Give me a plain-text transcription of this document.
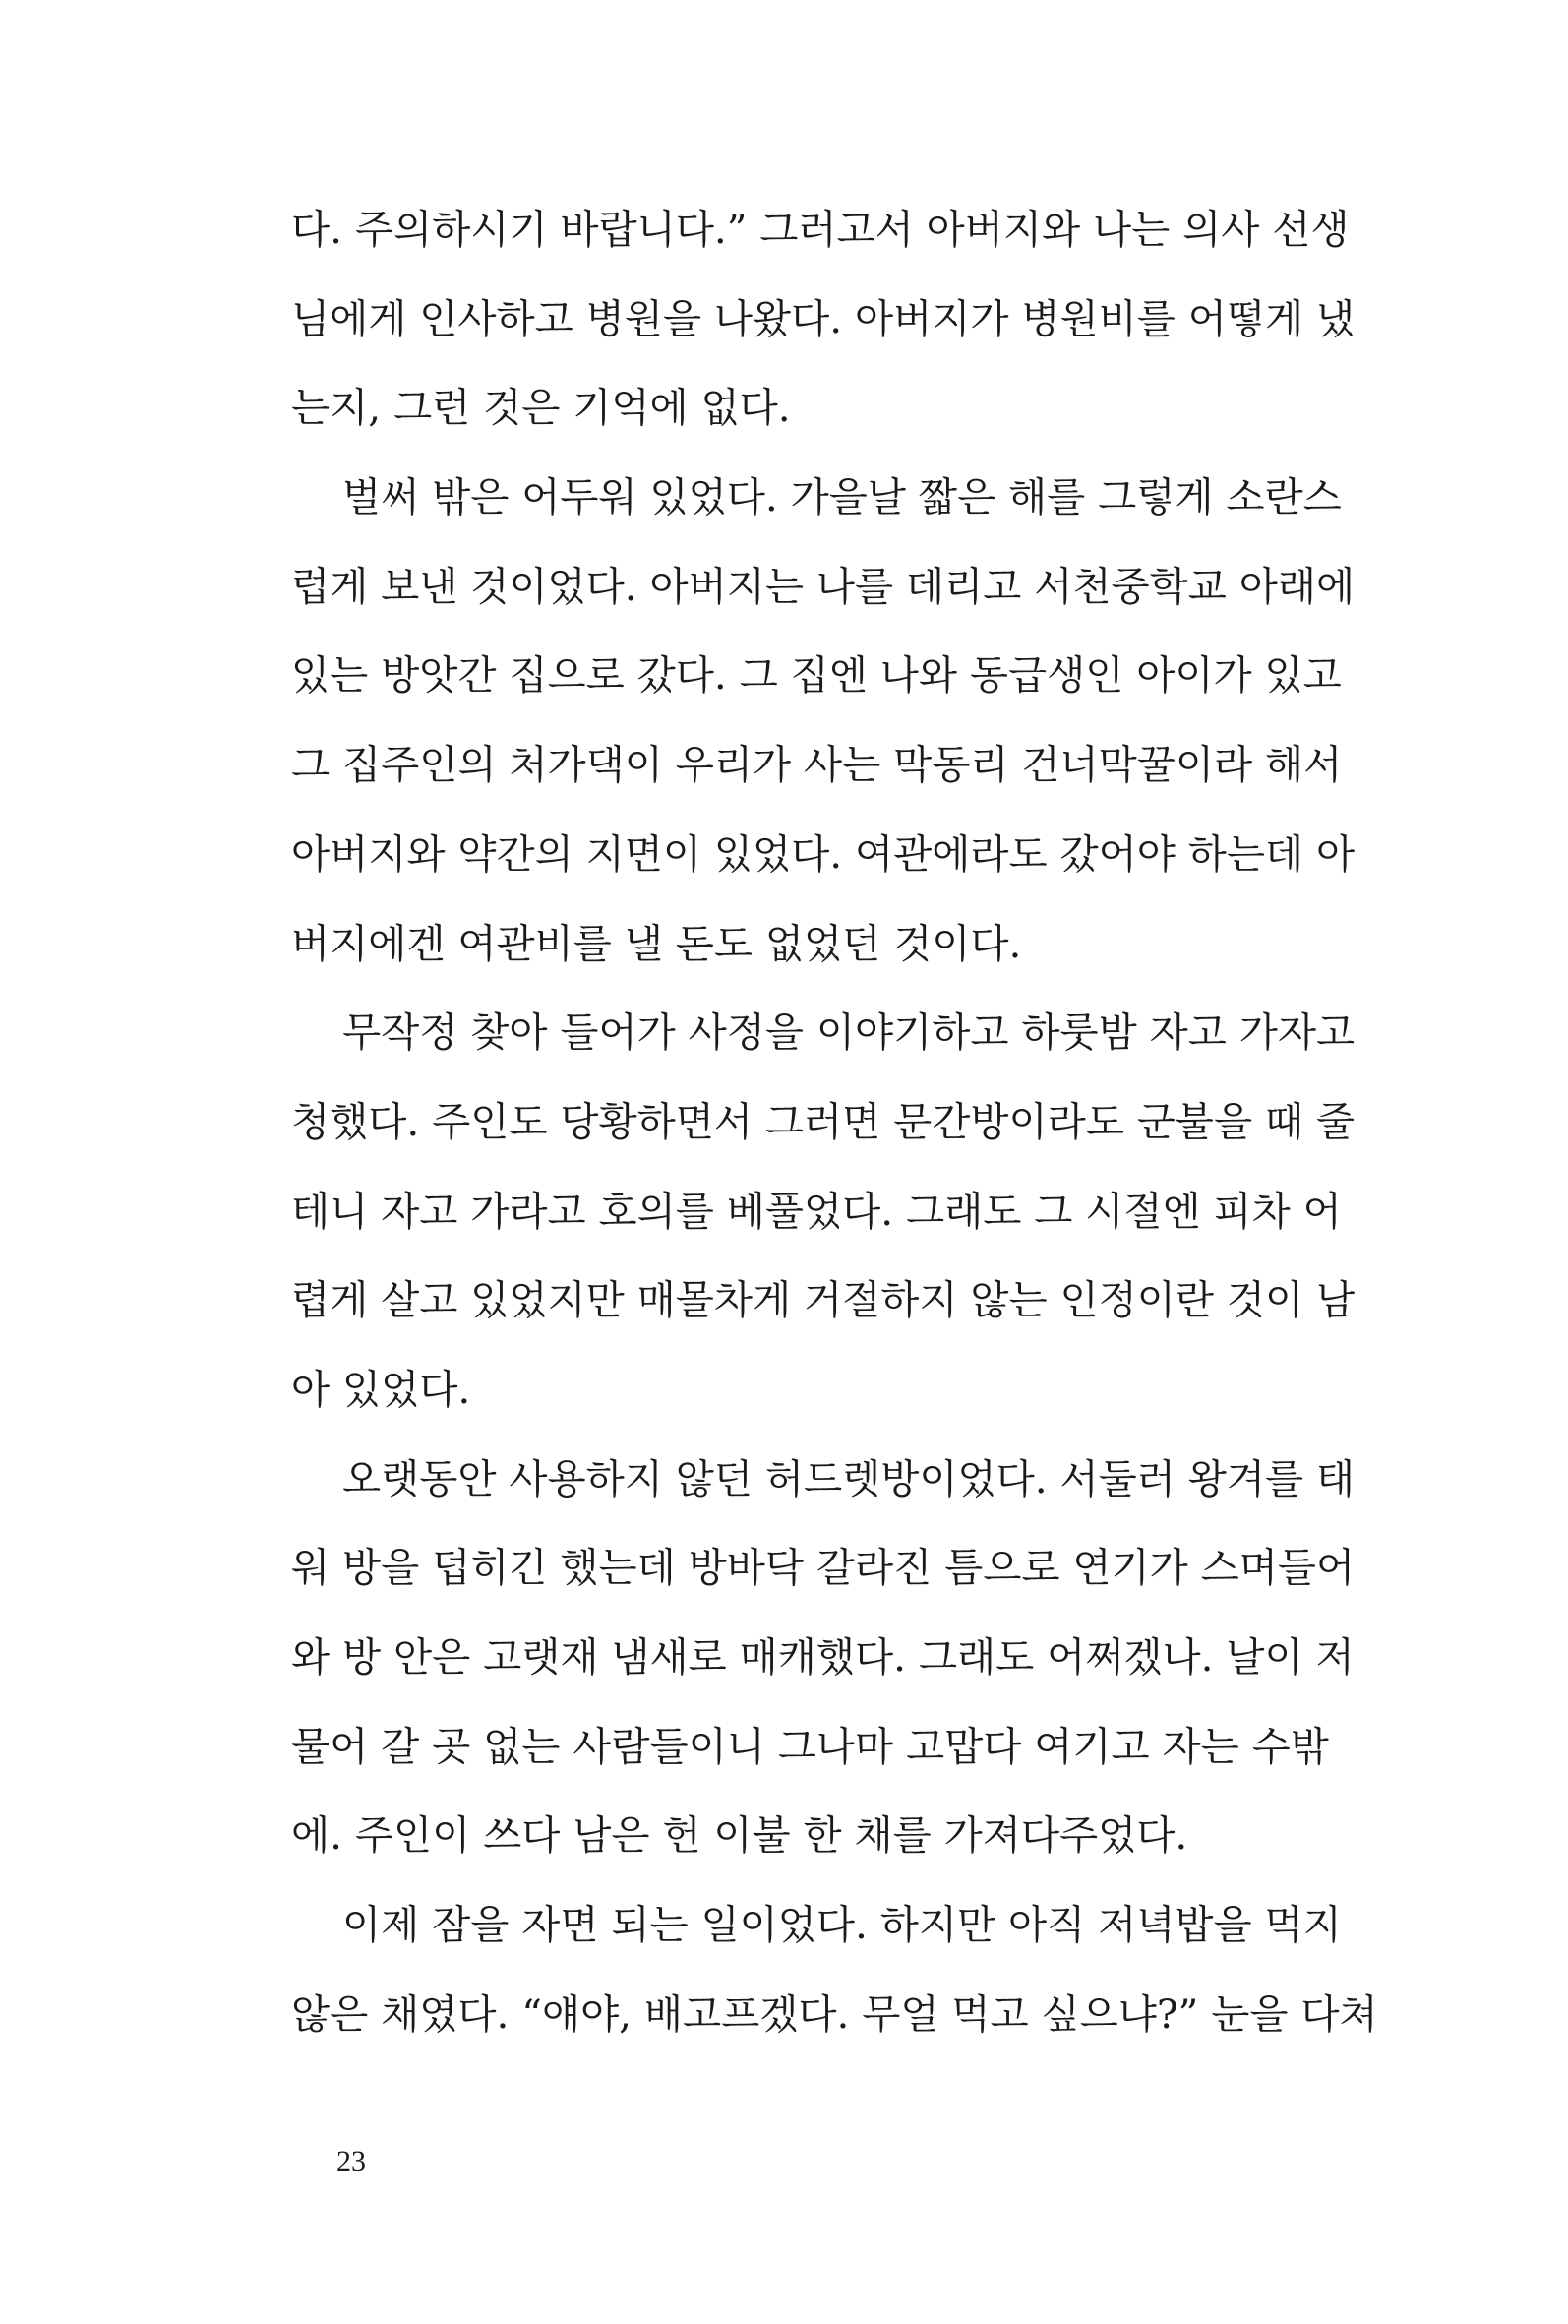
다. 주의하시기 바랍니다.” 그러고서 아버지와 나는 의사 선생
님에게 인사하고 병원을 나왔다. 아버지가 병원비를 어떻게 냈
는지, 그런 것은 기억에 없다.
벌써 밖은 어두워 있었다. 가을날 짧은 해를 그렇게 소란스
럽게 보낸 것이었다. 아버지는 나를 데리고 서천중학교 아래에
있는 방앗간 집으로 갔다. 그 집엔 나와 동급생인 아이가 있고
그 집주인의 처가댁이 우리가 사는 막동리 건너막꿀이라 해서
아버지와 약간의 지면이 있었다. 여관에라도 갔어야 하는데 아
버지에겐 여관비를 낼 돈도 없었던 것이다.
무작정 찾아 들어가 사정을 이야기하고 하룻밤 자고 가자고
청했다. 주인도 당황하면서 그러면 문간방이라도 군불을 때 줄
테니 자고 가라고 호의를 베풀었다. 그래도 그 시절엔 피차 어
렵게 살고 있었지만 매몰차게 거절하지 않는 인정이란 것이 남
아 있었다.
오랫동안 사용하지 않던 허드렛방이었다. 서둘러 왕겨를 태
워 방을 덥히긴 했는데 방바닥 갈라진 틈으로 연기가 스며들어
와 방 안은 고랫재 냄새로 매캐했다. 그래도 어쩌겠나. 날이 저
물어 갈 곳 없는 사람들이니 그나마 고맙다 여기고 자는 수밖
에. 주인이 쓰다 남은 헌 이불 한 채를 가져다주었다.
이제 잠을 자면 되는 일이었다. 하지만 아직 저녁밥을 먹지
않은 채였다. “얘야, 배고프겠다. 무얼 먹고 싶으냐?” 눈을 다쳐
23
